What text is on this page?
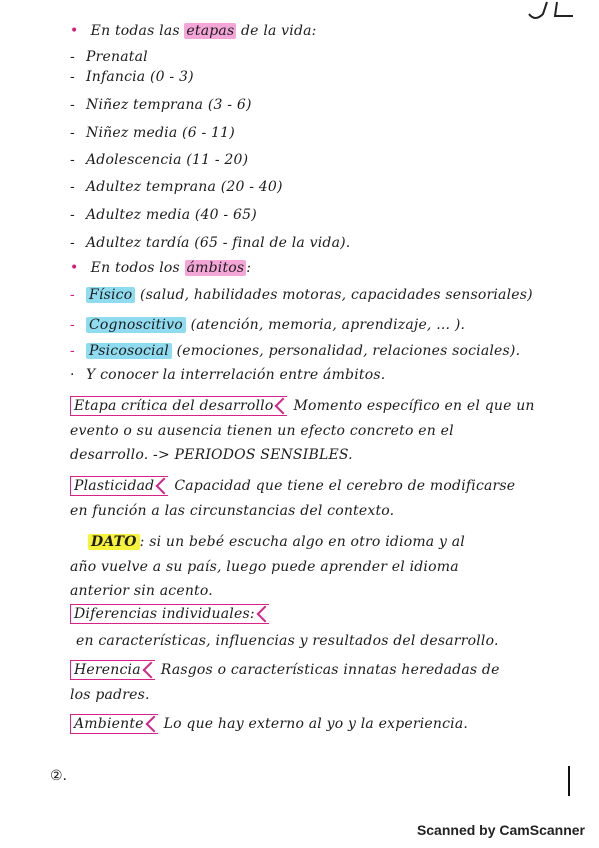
• En todas las etapas de la vida:
- Prenatal
- Infancia (0 - 3)
- Niñez temprana (3 - 6)
- Niñez media (6 - 11)
- Adolescencia (11 - 20)
- Adultez temprana (20 - 40)
- Adultez media (40 - 65)
- Adultez tardía (65 - final de la vida).
• En todos los ámbitos :
- Físico (salud, habilidades motoras, capacidades sensoriales)
- Cognoscitivo (atención, memoria, aprendizaje, ... ).
- Psicosocial (emociones, personalidad, relaciones sociales).
· Y conocer la interrelación entre ámbitos.
Etapa crítica del desarrollo Momento específico en el que un
evento o su ausencia tienen un efecto concreto en el
desarrollo. -> PERIODOS SENSIBLES.
Plasticidad Capacidad que tiene el cerebro de modificarse
en función a las circunstancias del contexto.
DATO : si un bebé escucha algo en otro idioma y al
año vuelve a su país, luego puede aprender el idioma
anterior sin acento.
Diferencias individuales:
en características, influencias y resultados del desarrollo.
Herencia Rasgos o características innatas heredadas de
los padres.
Ambiente Lo que hay externo al yo y la experiencia.
②.
Scanned by CamScanner
